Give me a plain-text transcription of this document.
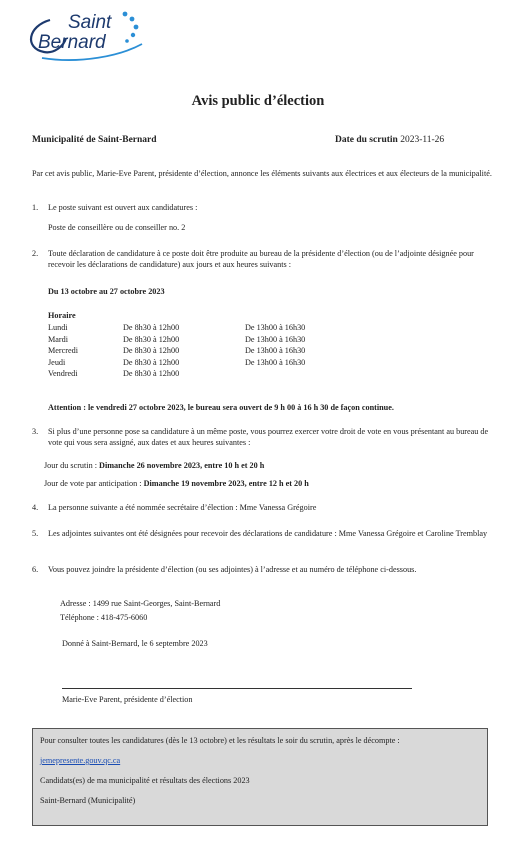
Saint
Bernard
Avis public d’élection

Municipalité de Saint-Bernard	Date du scrutin 2023-11-26

Par cet avis public, Marie-Eve Parent, présidente d’élection, annonce les éléments suivants aux électrices et aux électeurs de la municipalité.

1. Le poste suivant est ouvert aux candidatures :

Poste de conseillère ou de conseiller no. 2

2. Toute déclaration de candidature à ce poste doit être produite au bureau de la présidente d’élection (ou de l’adjointe désignée pour recevoir les déclarations de candidature) aux jours et aux heures suivants :

Du 13 octobre au 27 octobre 2023

Horaire

Lundi	De 8h30 à 12h00	De 13h00 à 16h30
Mardi	De 8h30 à 12h00	De 13h00 à 16h30
Mercredi	De 8h30 à 12h00	De 13h00 à 16h30
Jeudi	De 8h30 à 12h00	De 13h00 à 16h30
Vendredi	De 8h30 à 12h00

Attention : le vendredi 27 octobre 2023, le bureau sera ouvert de 9 h 00 à 16 h 30 de façon continue.

3. Si plus d’une personne pose sa candidature à un même poste, vous pourrez exercer votre droit de vote en vous présentant au bureau de vote qui vous sera assigné, aux dates et aux heures suivantes :

Jour du scrutin : Dimanche 26 novembre 2023, entre 10 h et 20 h

Jour de vote par anticipation : Dimanche 19 novembre 2023, entre 12 h et 20 h

4. La personne suivante a été nommée secrétaire d’élection : Mme Vanessa Grégoire

5. Les adjointes suivantes ont été désignées pour recevoir des déclarations de candidature : Mme Vanessa Grégoire et Caroline Tremblay

6. Vous pouvez joindre la présidente d’élection (ou ses adjointes) à l’adresse et au numéro de téléphone ci-dessous.

Adresse : 1499 rue Saint-Georges, Saint-Bernard

Téléphone : 418-475-6060

Donné à Saint-Bernard, le 6 septembre 2023

Marie-Eve Parent, présidente d’élection

Pour consulter toutes les candidatures (dès le 13 octobre) et les résultats le soir du scrutin, après le décompte :

jemepresente.gouv.qc.ca

Candidats(es) de ma municipalité et résultats des élections 2023

Saint-Bernard (Municipalité)
